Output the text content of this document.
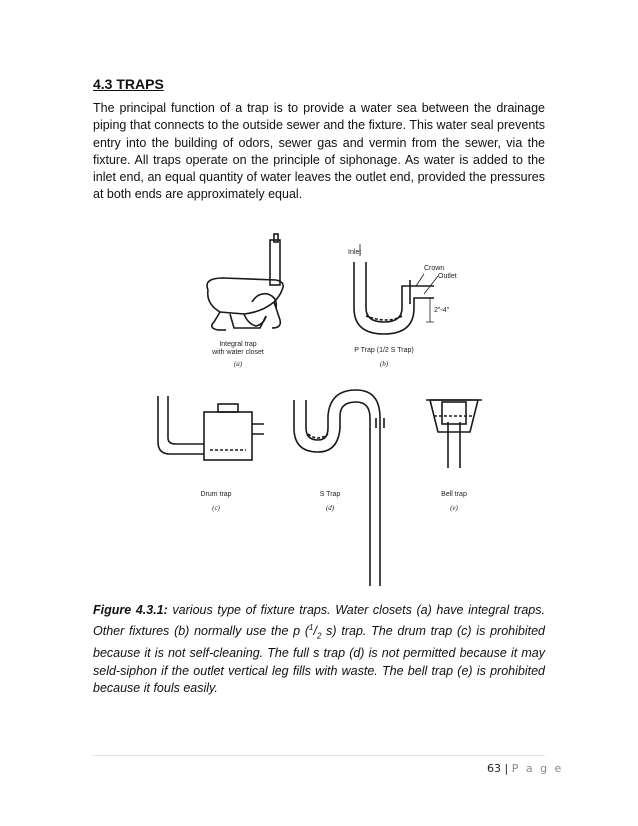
4.3 TRAPS

The principal function of a trap is to provide a water sea between the drainage piping that connects to the outside sewer and the fixture. This water seal prevents entry into the building of odors, sewer gas and vermin from the sewer, via the fixture. All traps operate on the principle of siphonage. As water is added to the inlet end, an equal quantity of water leaves the outlet end, provided the pressures at both ends are approximately equal.

Integral trap
with water closet
(a)
Inlet
Crown
Outlet
2"-4"
P Trap (1/2 S Trap)
(b)
Drum trap
(c)
S Trap
(d)
Bell trap
(e)

Figure 4.3.1: various type of fixture traps. Water closets (a) have integral traps. Other fixtures (b) normally use the p ($^1/_2$ s) trap. The drum trap (c) is prohibited because it is not self-cleaning. The full s trap (d) is not permitted because it may seld-siphon if the outlet vertical leg fills with waste. The bell trap (e) is prohibited because it fouls easily.

63 | P a g e
